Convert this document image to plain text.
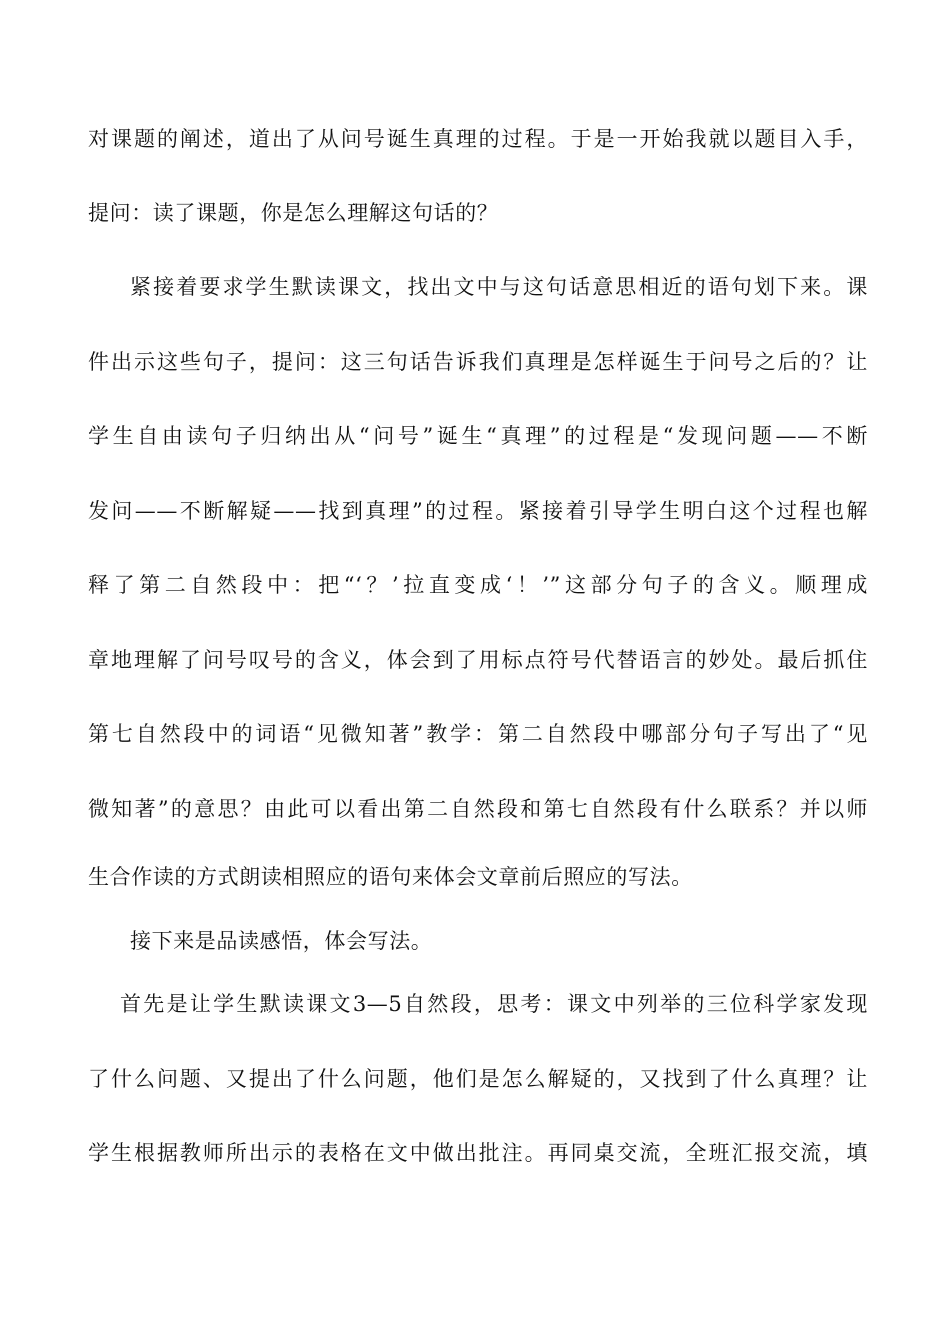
对课题的阐述，道出了从问号诞生真理的过程。于是一开始我就以题目入手，
提问：读了课题，你是怎么理解这句话的？
紧接着要求学生默读课文，找出文中与这句话意思相近的语句划下来。课
件出示这些句子，提问：这三句话告诉我们真理是怎样诞生于问号之后的？让
学生自由读句子归纳出从“问号”诞生“真理”的过程是“发现问题——不断
发问——不断解疑——找到真理”的过程。紧接着引导学生明白这个过程也解
释了第二自然段中：把“‘？’拉直变成‘！’”这部分句子的含义。顺理成
章地理解了问号叹号的含义，体会到了用标点符号代替语言的妙处。最后抓住
第七自然段中的词语“见微知著”教学：第二自然段中哪部分句子写出了“见
微知著”的意思？由此可以看出第二自然段和第七自然段有什么联系？并以师
生合作读的方式朗读相照应的语句来体会文章前后照应的写法。
接下来是品读感悟，体会写法。
首先是让学生默读课文3—5自然段，思考：课文中列举的三位科学家发现
了什么问题、又提出了什么问题，他们是怎么解疑的，又找到了什么真理？让
学生根据教师所出示的表格在文中做出批注。再同桌交流，全班汇报交流，填
